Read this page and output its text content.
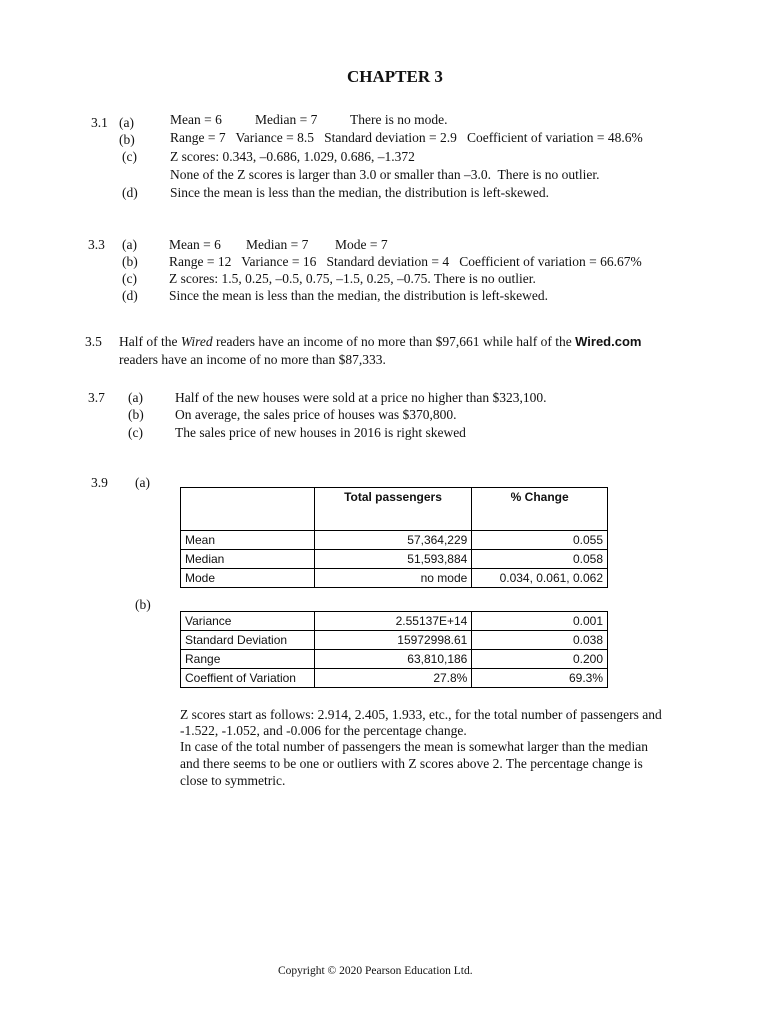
CHAPTER 3
3.1 (a)	Mean = 6 Median = 7 There is no mode.
(b)	Range = 7   Variance = 8.5   Standard deviation = 2.9   Coefficient of variation = 48.6%
(c) Z scores: 0.343, –0.686, 1.029, 0.686, –1.372
None of the Z scores is larger than 3.0 or smaller than –3.0.  There is no outlier.
(d) Since the mean is less than the median, the distribution is left-skewed.
3.3 (a) Mean = 6 Median = 7 Mode = 7
(b) Range = 12   Variance = 16   Standard deviation = 4   Coefficient of variation = 66.67%
(c) Z scores: 1.5, 0.25, –0.5, 0.75, –1.5, 0.25, –0.75. There is no outlier.
(d) Since the mean is less than the median, the distribution is left-skewed.
3.5 Half of the Wired readers have an income of no more than $97,661 while half of the Wired.com
readers have an income of no more than $87,333.
3.7 (a) Half of the new houses were sold at a price no higher than $323,100.
(b) On average, the sales price of houses was $370,800.
(c) The sales price of new houses in 2016 is right skewed
3.9 (a)
	Total passengers	% Change

Mean	57,364,229	0.055
Median	51,593,884	0.058
Mode	no mode	0.034, 0.061, 0.062
(b)
Variance	2.55137E+14	0.001
Standard Deviation	15972998.61	0.038
Range	63,810,186	0.200
Coeffient of Variation	27.8%	69.3%
Z scores start as follows: 2.914, 2.405, 1.933, etc., for the total number of passengers and
-1.522, -1.052, and -0.006 for the percentage change.
In case of the total number of passengers the mean is somewhat larger than the median
and there seems to be one or outliers with Z scores above 2. The percentage change is
close to symmetric.
Copyright © 2020 Pearson Education Ltd.
